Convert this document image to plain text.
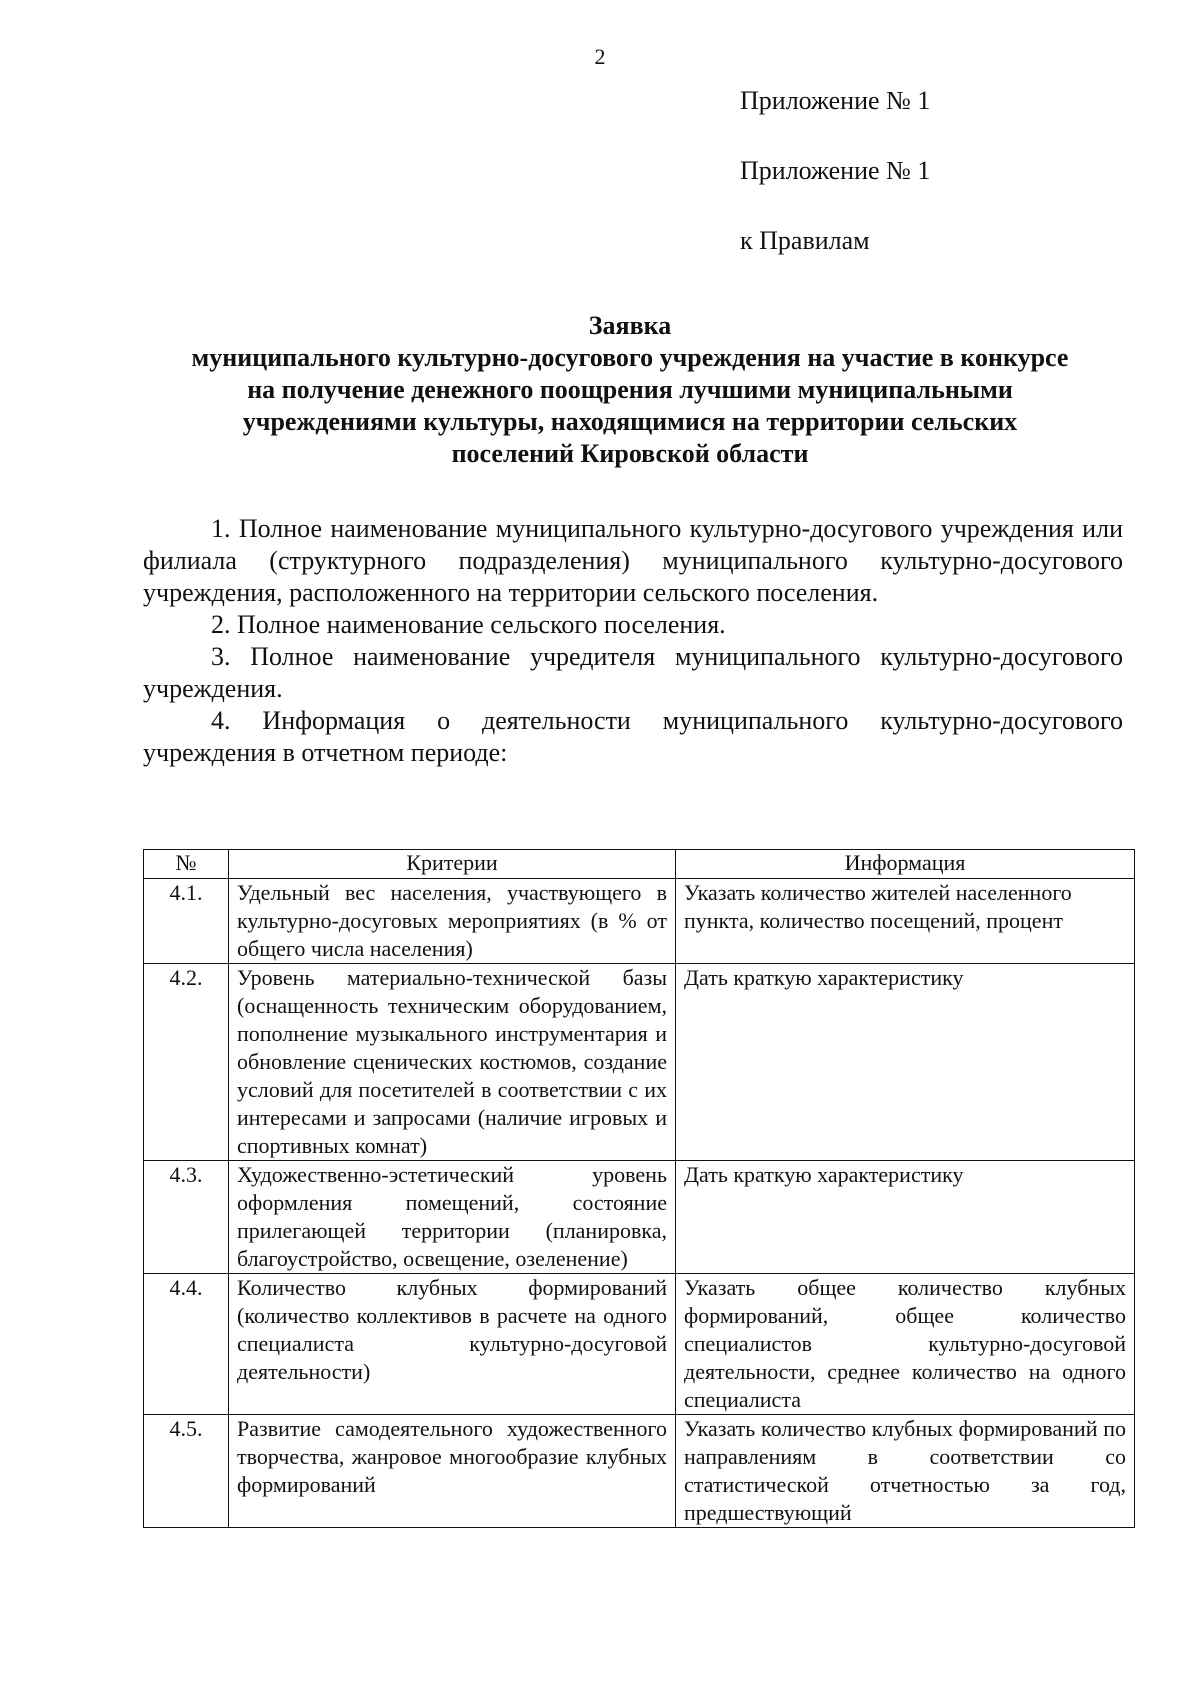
2
Приложение № 1
Приложение № 1
к Правилам
Заявка
муниципального культурно-досугового учреждения на участие в конкурсе
на получение денежного поощрения лучшими муниципальными
учреждениями культуры, находящимися на территории сельских
поселений Кировской области

1. Полное наименование муниципального культурно-досугового учреждения или филиала (структурного подразделения) муниципального культурно-досугового учреждения, расположенного на территории сельского поселения.

2. Полное наименование сельского поселения.

3. Полное наименование учредителя муниципального культурно-досугового учреждения.

4. Информация о деятельности муниципального культурно-досугового учреждения в отчетном периоде:

№	Критерии	Информация
4.1.	Удельный вес населения, участвующего в культурно-досуговых мероприятиях (в % от общего числа населения)	Указать количество жителей населенного пункта, количество посещений, процент
4.2.	Уровень материально-технической базы (оснащенность техническим оборудованием, пополнение музыкального инструментария и обновление сценических костюмов, создание условий для посетителей в соответствии с их интересами и запросами (наличие игровых и спортивных комнат)	Дать краткую характеристику
4.3.	Художественно-эстетический уровень оформления помещений, состояние прилегающей территории (планировка, благоустройство, освещение, озеленение)	Дать краткую характеристику
4.4.	Количество клубных формирований (количество коллективов в расчете на одного специалиста культурно-досуговой деятельности)	Указать общее количество клубных формирований, общее количество специалистов культурно-досуговой деятельности, среднее количество на одного специалиста
4.5.	Развитие самодеятельного художественного творчества, жанровое многообразие клубных формирований	Указать количество клубных формирований по направлениям в соответствии со статистической отчетностью за год, предшествующий
